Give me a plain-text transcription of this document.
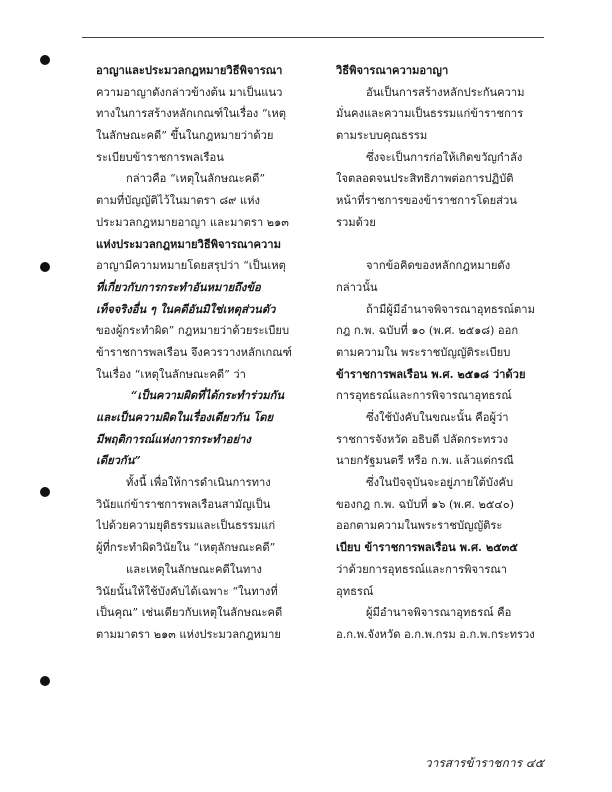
อาญาและประมวลกฎหมายวิธีพิจารณา
ความอาญาดังกล่าวข้างต้น มาเป็นแนว
ทางในการสร้างหลักเกณฑ์ในเรื่อง “เหตุ
ในลักษณะคดี” ขึ้นในกฎหมายว่าด้วย
ระเบียบข้าราชการพลเรือน
กล่าวคือ “เหตุในลักษณะคดี”
ตามที่บัญญัติไว้ในมาตรา ๘๙ แห่ง
ประมวลกฎหมายอาญา และมาตรา ๒๑๓
แห่งประมวลกฎหมายวิธีพิจารณาความ
อาญามีความหมายโดยสรุปว่า “เป็นเหตุ
ที่เกี่ยวกับการกระทำอันหมายถึงข้อ
เท็จจริงอื่น ๆ ในคดีอันมิใช่เหตุส่วนตัว
ของผู้กระทำผิด” กฎหมายว่าด้วยระเบียบ
ข้าราชการพลเรือน จึงควรวางหลักเกณฑ์
ในเรื่อง “เหตุในลักษณะคดี” ว่า
“เป็นความผิดที่ได้กระทำร่วมกัน
และเป็นความผิดในเรื่องเดียวกัน โดย
มีพฤติการณ์แห่งการกระทำอย่าง
เดียวกัน”
ทั้งนี้ เพื่อให้การดำเนินการทาง
วินัยแก่ข้าราชการพลเรือนสามัญเป็น
ไปด้วยความยุติธรรมและเป็นธรรมแก่
ผู้ที่กระทำผิดวินัยใน “เหตุลักษณะคดี”
และเหตุในลักษณะคดีในทาง
วินัยนั้นให้ใช้บังคับได้เฉพาะ “ในทางที่
เป็นคุณ” เช่นเดียวกับเหตุในลักษณะคดี
ตามมาตรา ๒๑๓ แห่งประมวลกฎหมาย
วิธีพิจารณาความอาญา
อันเป็นการสร้างหลักประกันความ
มั่นคงและความเป็นธรรมแก่ข้าราชการ
ตามระบบคุณธรรม
ซึ่งจะเป็นการก่อให้เกิดขวัญกำลัง
ใจตลอดจนประสิทธิภาพต่อการปฏิบัติ
หน้าที่ราชการของข้าราชการโดยส่วน
รวมด้วย
จากข้อคิดของหลักกฎหมายดัง
กล่าวนั้น
ถ้ามีผู้มีอำนาจพิจารณาอุทธรณ์ตาม
กฎ ก.พ. ฉบับที่ ๑๐ (พ.ศ. ๒๕๑๘) ออก
ตามความใน พระราชบัญญัติระเบียบ
ข้าราชการพลเรือน พ.ศ. ๒๕๑๘ ว่าด้วย
การอุทธรณ์และการพิจารณาอุทธรณ์
ซึ่งใช้บังคับในขณะนั้น คือผู้ว่า
ราชการจังหวัด อธิบดี ปลัดกระทรวง
นายกรัฐมนตรี หรือ ก.พ. แล้วแต่กรณี
ซึ่งในปัจจุบันจะอยู่ภายใต้บังคับ
ของกฎ ก.พ. ฉบับที่ ๑๖ (พ.ศ. ๒๕๔๐)
ออกตามความในพระราชบัญญัติระ
เบียบ ข้าราชการพลเรือน พ.ศ. ๒๕๓๕
ว่าด้วยการอุทธรณ์และการพิจารณา
อุทธรณ์
ผู้มีอำนาจพิจารณาอุทธรณ์ คือ
อ.ก.พ.จังหวัด อ.ก.พ.กรม อ.ก.พ.กระทรวง
วารสารข้าราชการ ๔๕
